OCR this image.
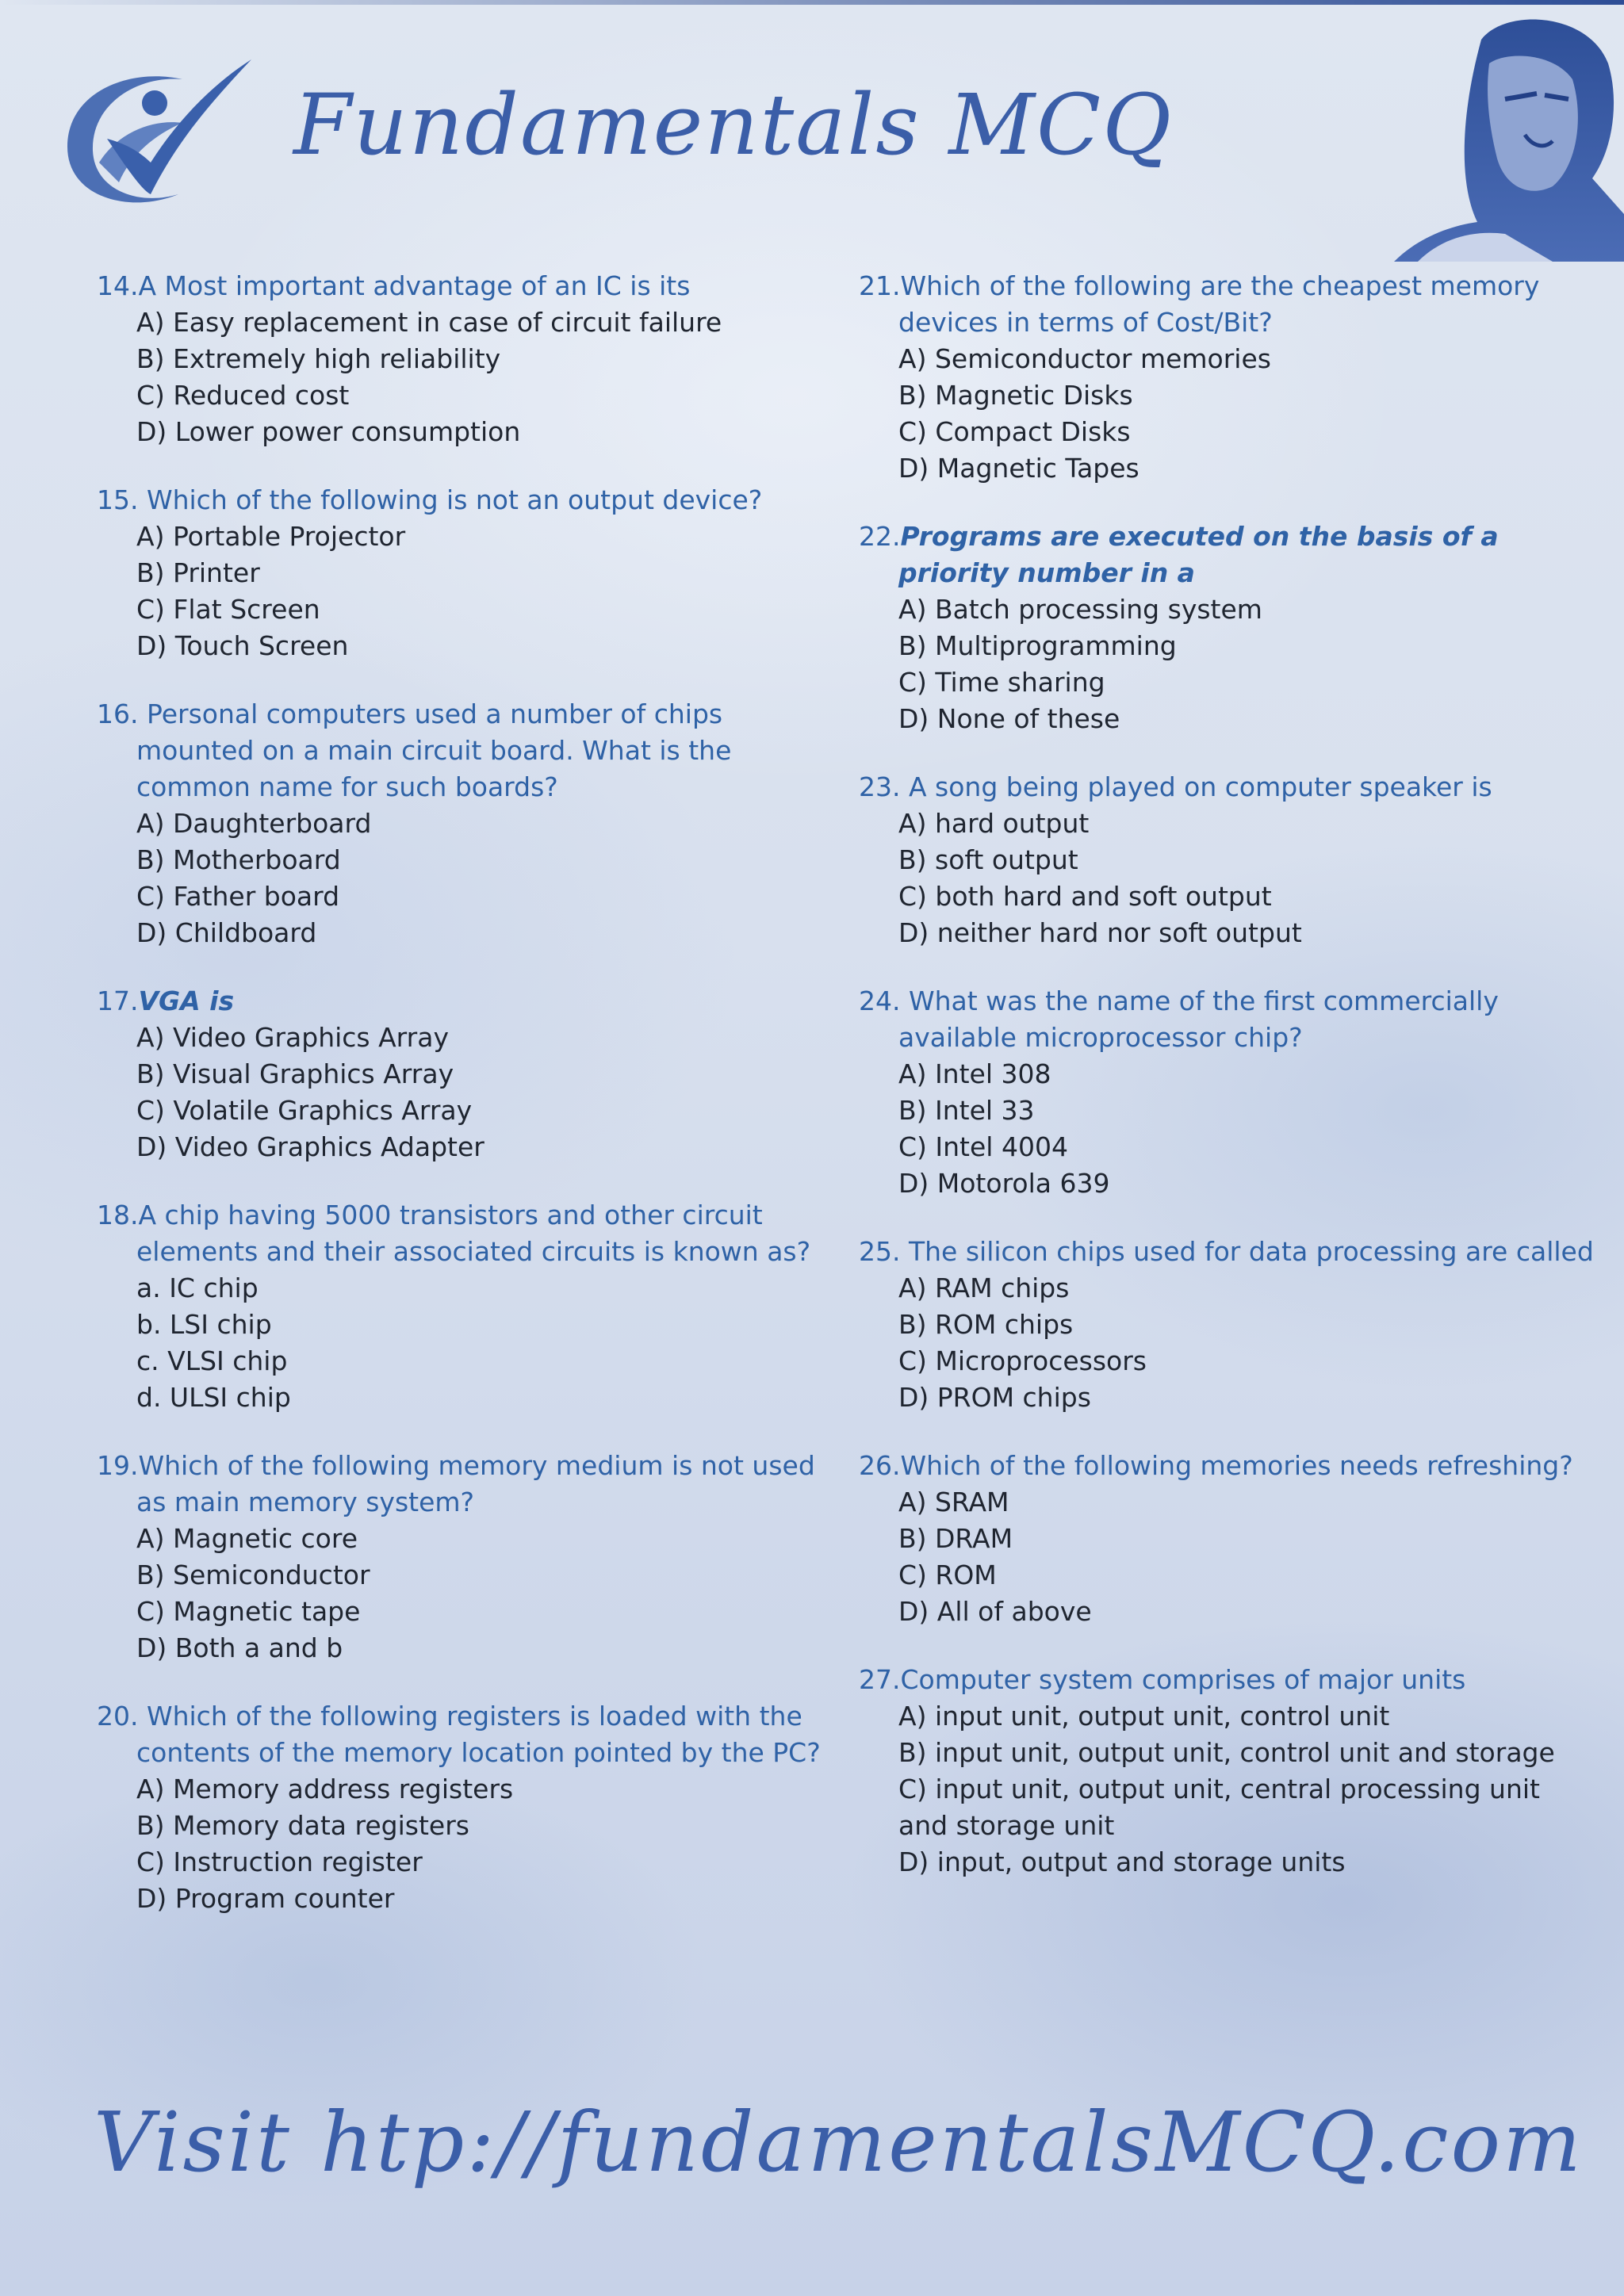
Fundamentals MCQ
14.A Most important advantage of an IC is its
A) Easy replacement in case of circuit failure
B) Extremely high reliability
C) Reduced cost
D) Lower power consumption
15. Which of the following is not an output device?
A) Portable Projector
B) Printer
C) Flat Screen
D) Touch Screen
16. Personal computers used a number of chips mounted on a main circuit board. What is the common name for such boards?
A) Daughterboard
B) Motherboard
C) Father board
D) Childboard
17.VGA is
A) Video Graphics Array
B) Visual Graphics Array
C) Volatile Graphics Array
D) Video Graphics Adapter
18.A chip having 5000 transistors and other circuit elements and their associated circuits is known as?
a. IC chip
b. LSI chip
c. VLSI chip
d. ULSI chip
19.Which of the following memory medium is not used as main memory system?
A) Magnetic core
B) Semiconductor
C) Magnetic tape
D) Both a and b
20. Which of the following registers is loaded with the contents of the memory location pointed by the PC?
A) Memory address registers
B) Memory data registers
C) Instruction register
D) Program counter
21.Which of the following are the cheapest memory devices in terms of Cost/Bit?
A) Semiconductor memories
B) Magnetic Disks
C) Compact Disks
D) Magnetic Tapes
22.Programs are executed on the basis of a priority number in a
A) Batch processing system
B) Multiprogramming
C) Time sharing
D) None of these
23. A song being played on computer speaker is
A) hard output
B) soft output
C) both hard and soft output
D) neither hard nor soft output
24. What was the name of the first commercially available microprocessor chip?
A) Intel 308
B) Intel 33
C) Intel 4004
D) Motorola 639
25. The silicon chips used for data processing are called
A) RAM chips
B) ROM chips
C) Microprocessors
D) PROM chips
26.Which of the following memories needs refreshing?
A) SRAM
B) DRAM
C) ROM
D) All of above
27.Computer system comprises of major units
A) input unit, output unit, control unit
B) input unit, output unit, control unit and storage
C) input unit, output unit, central processing unit and storage unit
D) input, output and storage units
Visit htp://fundamentalsMCQ.com
